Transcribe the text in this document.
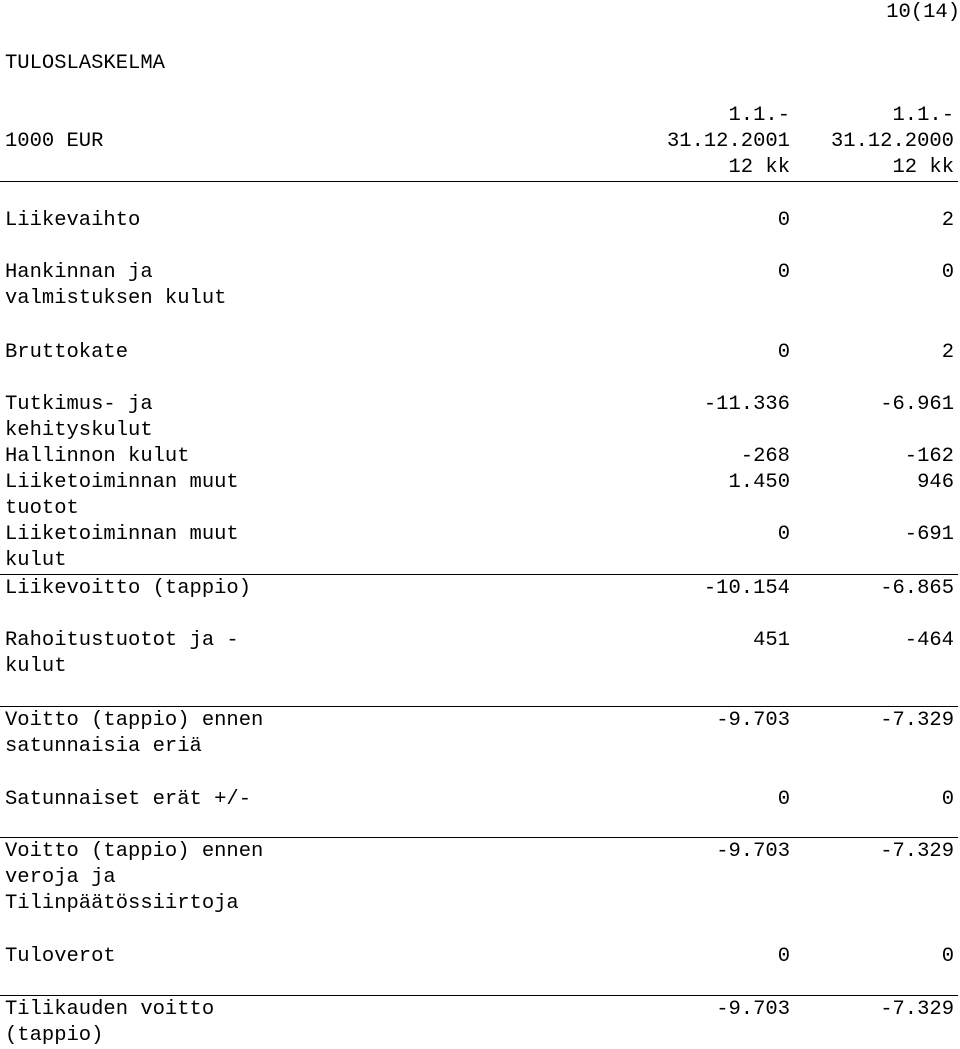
10(14)
TULOSLASKELMA
1.1.-	1.1.-
1000 EUR	31.12.2001 31.12.2000
12 kk	12 kk
Liikevaihto	0	2
Hankinnan ja
valmistuksen kulut
0	0
Bruttokate	0	2
Tutkimus- ja
kehityskulut
-11.336	-6.961
Hallinnon kulut	-268	-162
Liiketoiminnan muut
tuotot
1.450	946
Liiketoiminnan muut
kulut
0	-691
Liikevoitto (tappio)	-10.154	-6.865
Rahoitustuotot ja -
kulut
451	-464
Voitto (tappio) ennen
satunnaisia eriä
-9.703	-7.329
Satunnaiset erät +/-	0	0
Voitto (tappio) ennen
veroja ja
Tilinpäätössiirtoja
-9.703	-7.329
Tuloverot	0	0
Tilikauden voitto
(tappio)
-9.703	-7.329
